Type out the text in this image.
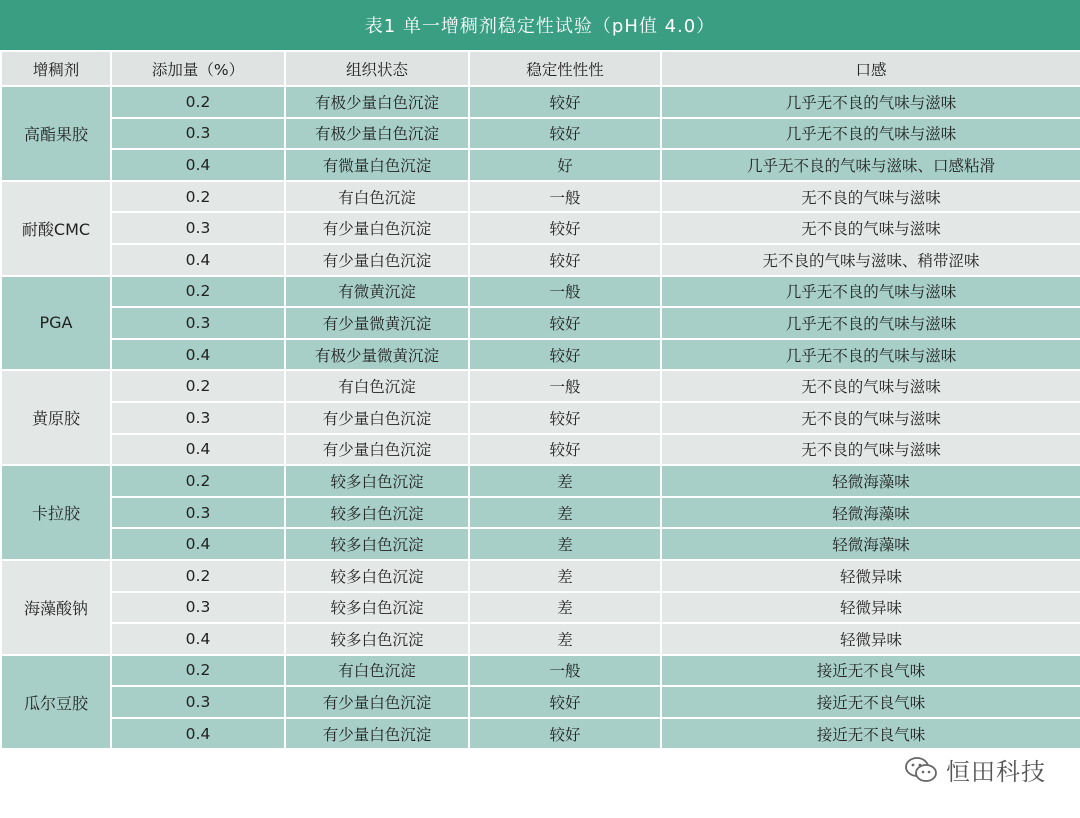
表1 单一增稠剂稳定性试验（pH值 4.0）
增稠剂	添加量（%）	组织状态	稳定性性性	口感
高酯果胶	0.2	有极少量白色沉淀	较好	几乎无不良的气味与滋味
	0.3	有极少量白色沉淀	较好	几乎无不良的气味与滋味
	0.4	有微量白色沉淀	好	几乎无不良的气味与滋味、口感粘滑
耐酸CMC	0.2	有白色沉淀	一般	无不良的气味与滋味
	0.3	有少量白色沉淀	较好	无不良的气味与滋味
	0.4	有少量白色沉淀	较好	无不良的气味与滋味、稍带涩味
PGA	0.2	有微黄沉淀	一般	几乎无不良的气味与滋味
	0.3	有少量微黄沉淀	较好	几乎无不良的气味与滋味
	0.4	有极少量微黄沉淀	较好	几乎无不良的气味与滋味
黄原胶	0.2	有白色沉淀	一般	无不良的气味与滋味
	0.3	有少量白色沉淀	较好	无不良的气味与滋味
	0.4	有少量白色沉淀	较好	无不良的气味与滋味
卡拉胶	0.2	较多白色沉淀	差	轻微海藻味
	0.3	较多白色沉淀	差	轻微海藻味
	0.4	较多白色沉淀	差	轻微海藻味
海藻酸钠	0.2	较多白色沉淀	差	轻微异味
	0.3	较多白色沉淀	差	轻微异味
	0.4	较多白色沉淀	差	轻微异味
瓜尔豆胶	0.2	有白色沉淀	一般	接近无不良气味
	0.3	有少量白色沉淀	较好	接近无不良气味
	0.4	有少量白色沉淀	较好	接近无不良气味
恒田科技
